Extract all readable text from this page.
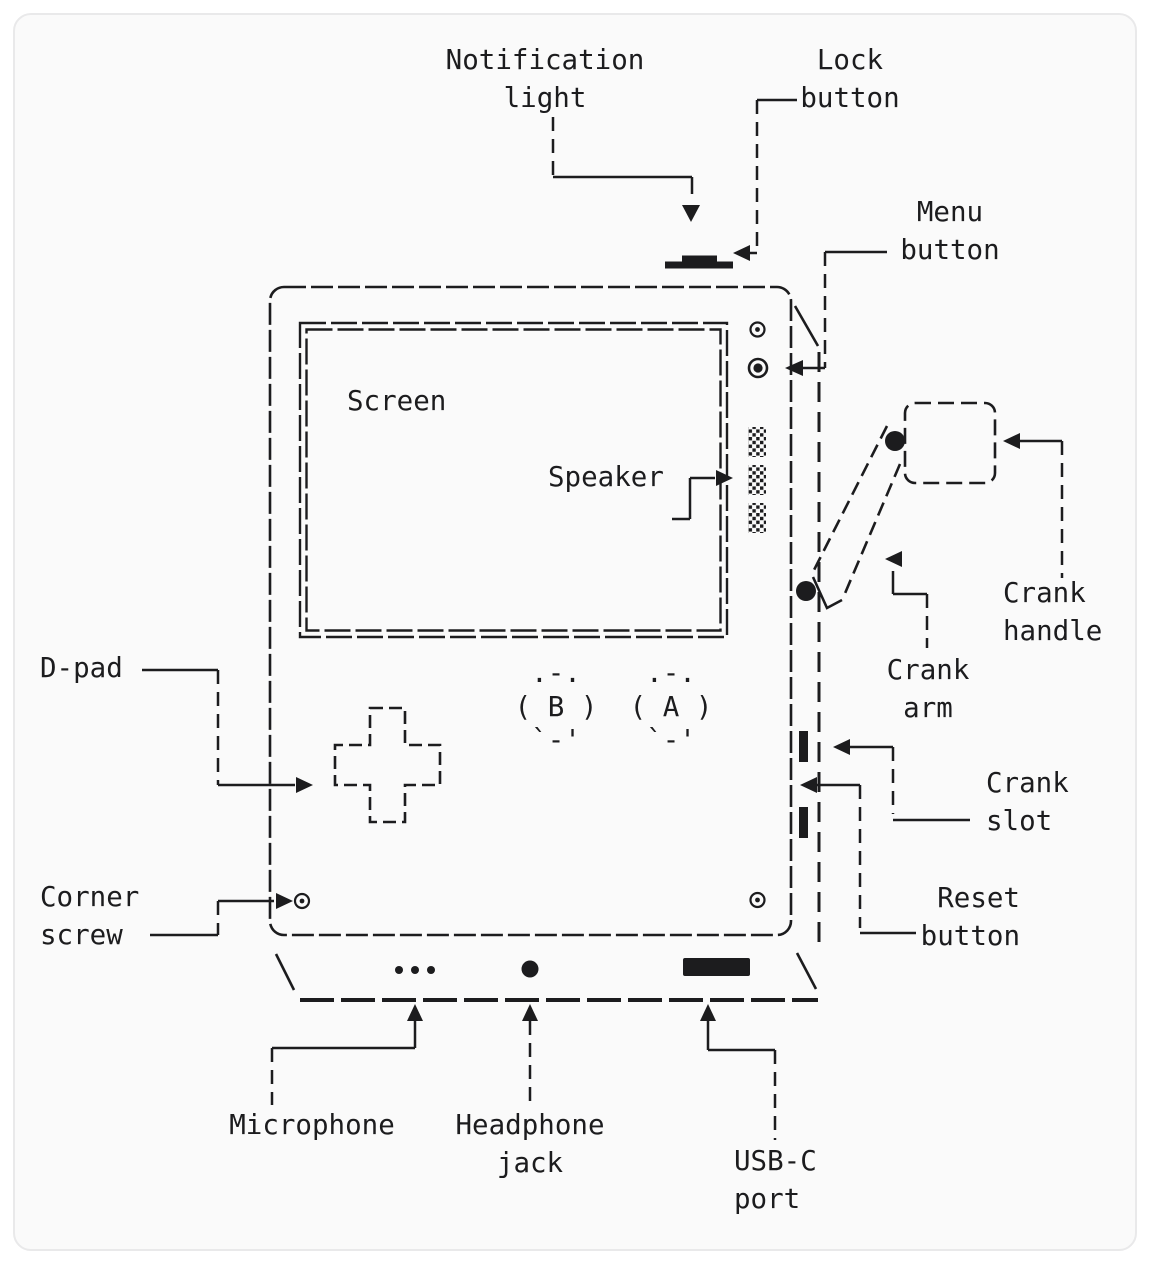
Notification
light
Lock
button
Menu
button
Screen
Speaker
Crank
handle
Crank
arm
Crank
slot
Reset
button
Corner
screw
D-pad
Microphone Headphone
jack	USB-C
port
.-.
( B )
`-'
.-.
( A )
`-'
